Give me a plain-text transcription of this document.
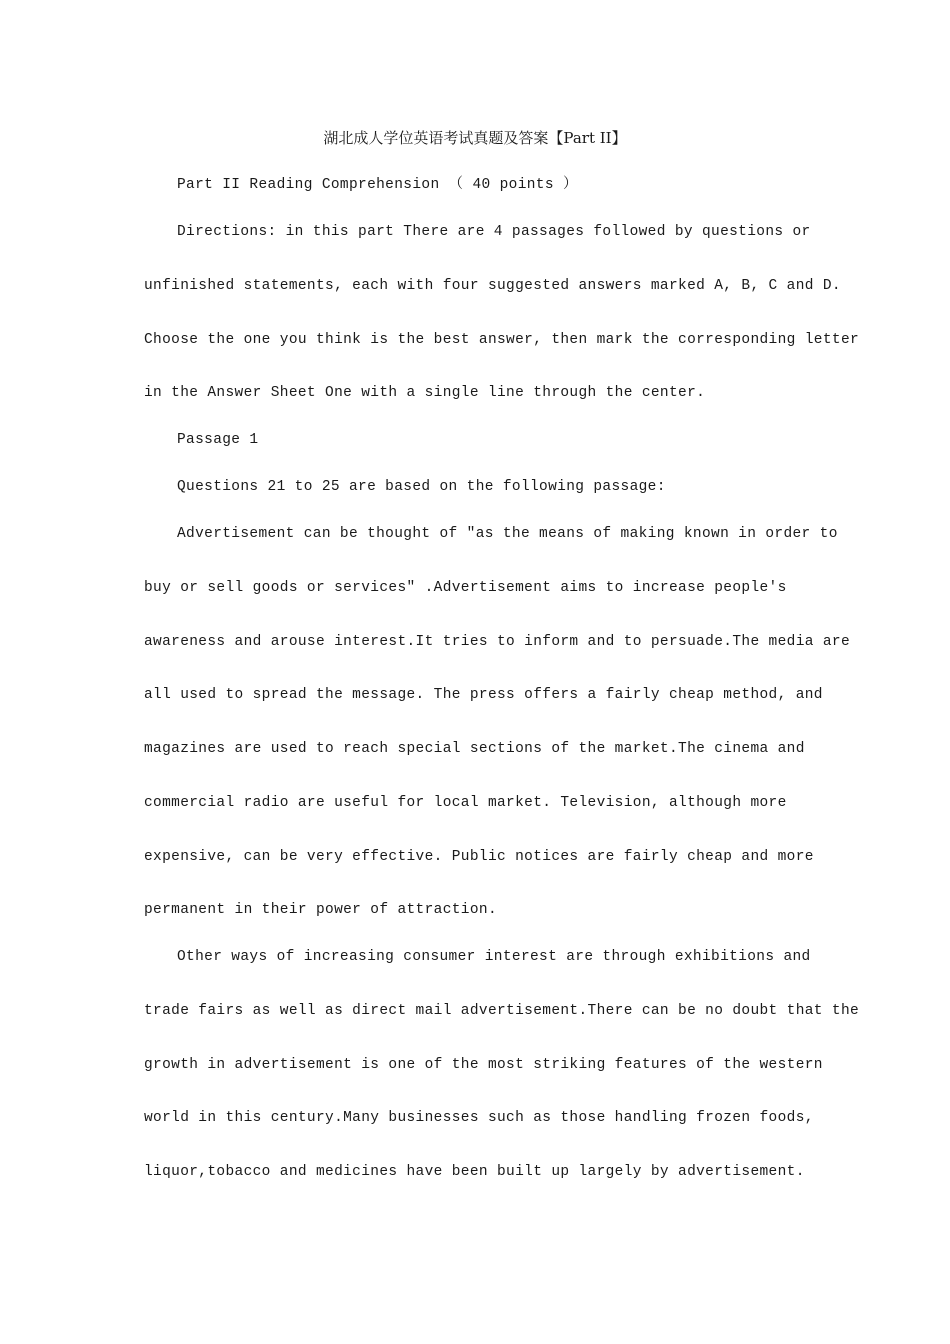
湖北成人学位英语考试真题及答案【Part II】
Part II Reading Comprehension （ 40 points ）
Directions: in this part There are 4 passages followed by questions or
unfinished statements, each with four suggested answers marked A, B, C and D.
Choose the one you think is the best answer, then mark the corresponding letter
in the Answer Sheet One with a single line through the center.
Passage 1
Questions 21 to 25 are based on the following passage:
Advertisement can be thought of "as the means of making known in order to
buy or sell goods or services" .Advertisement aims to increase people's
awareness and arouse interest.It tries to inform and to persuade.The media are
all used to spread the message. The press offers a fairly cheap method, and
magazines are used to reach special sections of the market.The cinema and
commercial radio are useful for local market. Television, although more
expensive, can be very effective. Public notices are fairly cheap and more
permanent in their power of attraction.
Other ways of increasing consumer interest are through exhibitions and
trade fairs as well as direct mail advertisement.There can be no doubt that the
growth in advertisement is one of the most striking features of the western
world in this century.Many businesses such as those handling frozen foods,
liquor,tobacco and medicines have been built up largely by advertisement.
